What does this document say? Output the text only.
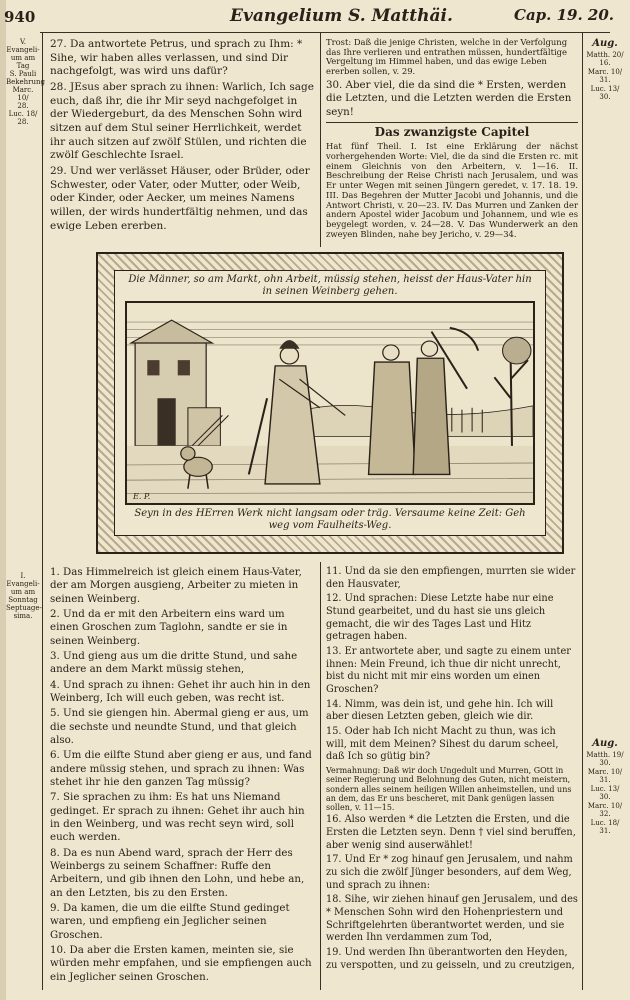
940	Evangelium S. Matthäi.	Cap. 19. 20.
V.
Evangeli-
um am Tag
S. Pauli
Bekehrung
Marc. 10/
28.
Luc. 18/ 28.
I.
Evangeli-
um am
Sonntag
Septuage-
sima.
Aug.
Matth. 20/
16.
Marc. 10/
31.
Luc. 13/ 30.
Aug.
Matth. 19/
30.
Marc. 10/
31.
Luc. 13/ 30.
Marc. 10/
32.
Luc. 18/
31.

27. Da antwortete Petrus, und sprach zu Ihm: * Sihe, wir haben alles verlassen, und sind Dir nachgefolgt, was wird uns dafür?

28. JEsus aber sprach zu ihnen: Warlich, Ich sage euch, daß ihr, die ihr Mir seyd nachgefolget in der Wiedergeburt, da des Menschen Sohn wird sitzen auf dem Stul seiner Herrlichkeit, werdet ihr auch sitzen auf zwölf Stülen, und richten die zwölf Geschlechte Israel.

29. Und wer verlässet Häuser, oder Brüder, oder Schwester, oder Vater, oder Mutter, oder Weib, oder Kinder, oder Aecker, um meines Namens willen, der wirds hundertfältig nehmen, und das ewige Leben ererben.

Trost: Daß die jenige Christen, welche in der Verfolgung das Ihre verlieren und entrathen müssen, hundertfältige Vergeltung im Himmel haben, und das ewige Leben ererben sollen, v. 29.

30. Aber viel, die da sind die * Ersten, werden die Letzten, und die Letzten werden die Ersten seyn!

Das zwanzigste Capitel

Hat fünf Theil. I. Ist eine Erklärung der nächst vorhergehenden Worte: Viel, die da sind die Ersten rc. mit einem Gleichnis von den Arbeitern, v. 1—16. II. Beschreibung der Reise Christi nach Jerusalem, und was Er unter Wegen mit seinen Jüngern geredet, v. 17. 18. 19. III. Das Begehren der Mutter Jacobi und Johannis, und die Antwort Christi, v. 20—23. IV. Das Murren und Zanken der andern Apostel wider Jacobum und Johannem, und wie es beygelegt worden, v. 24—28. V. Das Wunderwerk an den zweyen Blinden, nahe bey Jericho, v. 29—34.

Die Männer, so am Markt, ohn Arbeit, müssig stehen, heisst der Haus-Vater hin in seinen Weinberg gehen.
E. P.
Seyn in des HErren Werk nicht langsam oder träg. Versaume keine Zeit: Geh weg vom Faulheits-Weg.

1. Das Himmelreich ist gleich einem Haus-Vater, der am Morgen ausgieng, Arbeiter zu mieten in seinen Weinberg.

2. Und da er mit den Arbeitern eins ward um einen Groschen zum Taglohn, sandte er sie in seinen Weinberg.

3. Und gieng aus um die dritte Stund, und sahe andere an dem Markt müssig stehen,

4. Und sprach zu ihnen: Gehet ihr auch hin in den Weinberg, Ich will euch geben, was recht ist.

5. Und sie giengen hin. Abermal gieng er aus, um die sechste und neundte Stund, und that gleich also.

6. Um die eilfte Stund aber gieng er aus, und fand andere müssig stehen, und sprach zu ihnen: Was stehet ihr hie den ganzen Tag müssig?

7. Sie sprachen zu ihm: Es hat uns Niemand gedinget. Er sprach zu ihnen: Gehet ihr auch hin in den Weinberg, und was recht seyn wird, soll euch werden.

8. Da es nun Abend ward, sprach der Herr des Weinbergs zu seinem Schaffner: Ruffe den Arbeitern, und gib ihnen den Lohn, und hebe an, an den Letzten, bis zu den Ersten.

9. Da kamen, die um die eilfte Stund gedinget waren, und empfieng ein Jeglicher seinen Groschen.

10. Da aber die Ersten kamen, meinten sie, sie würden mehr empfahen, und sie empfiengen auch ein Jeglicher seinen Groschen.

11. Und da sie den empfiengen, murrten sie wider den Hausvater,

12. Und sprachen: Diese Letzte habe nur eine Stund gearbeitet, und du hast sie uns gleich gemacht, die wir des Tages Last und Hitz getragen haben.

13. Er antwortete aber, und sagte zu einem unter ihnen: Mein Freund, ich thue dir nicht unrecht, bist du nicht mit mir eins worden um einen Groschen?

14. Nimm, was dein ist, und gehe hin. Ich will aber diesen Letzten geben, gleich wie dir.

15. Oder hab Ich nicht Macht zu thun, was ich will, mit dem Meinen? Sihest du darum scheel, daß Ich so gütig bin?

Vermahnung: Daß wir doch Ungedult und Murren, GOtt in seiner Regierung und Belohnung des Guten, nicht meistern, sondern alles seinem heiligen Willen anheimstellen, und uns an dem, das Er uns bescheret, mit Dank genügen lassen sollen, v. 11—15.

16. Also werden * die Letzten die Ersten, und die Ersten die Letzten seyn. Denn † viel sind beruffen, aber wenig sind auserwählet!

17. Und Er * zog hinauf gen Jerusalem, und nahm zu sich die zwölf Jünger besonders, auf dem Weg, und sprach zu ihnen:

18. Sihe, wir ziehen hinauf gen Jerusalem, und des * Menschen Sohn wird den Hohenpriestern und Schriftgelehrten überantwortet werden, und sie werden Ihn verdammen zum Tod,

19. Und werden Ihn überantworten den Heyden, zu verspotten, und zu geisseln, und zu creutzigen,
